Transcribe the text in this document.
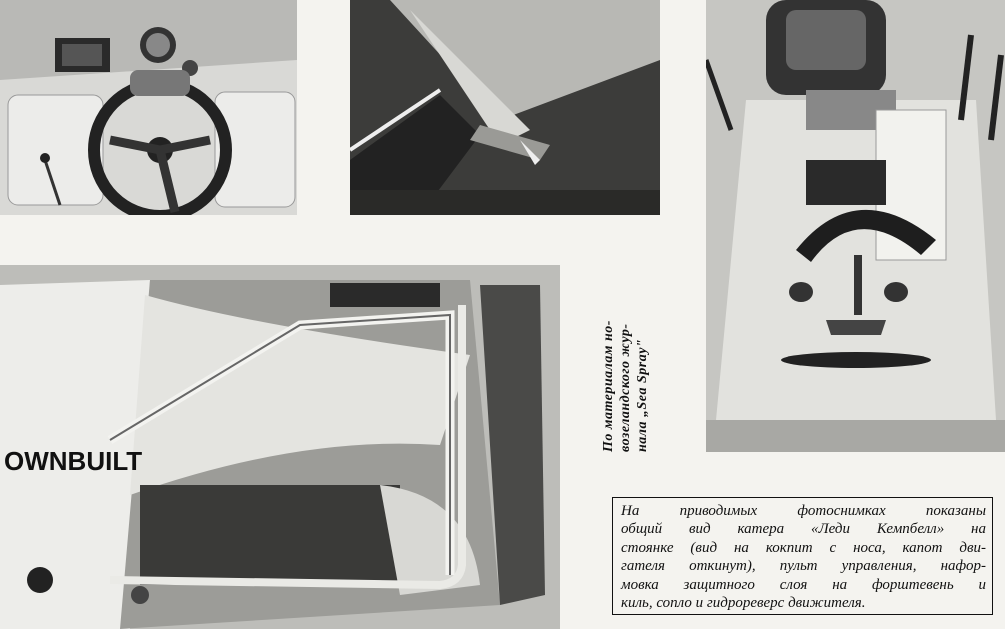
OWNBUILT
По материалам но- возеландского жур- нала „Sea Spray"
На приводимых фотоснимках показаны
общий вид катера «Леди Кемпбелл» на
стоянке (вид на кокпит с носа, капот дви-
гателя откинут), пульт управления, нафор-
мовка защитного слоя на форштевень и
киль, сопло и гидрореверс движителя.
